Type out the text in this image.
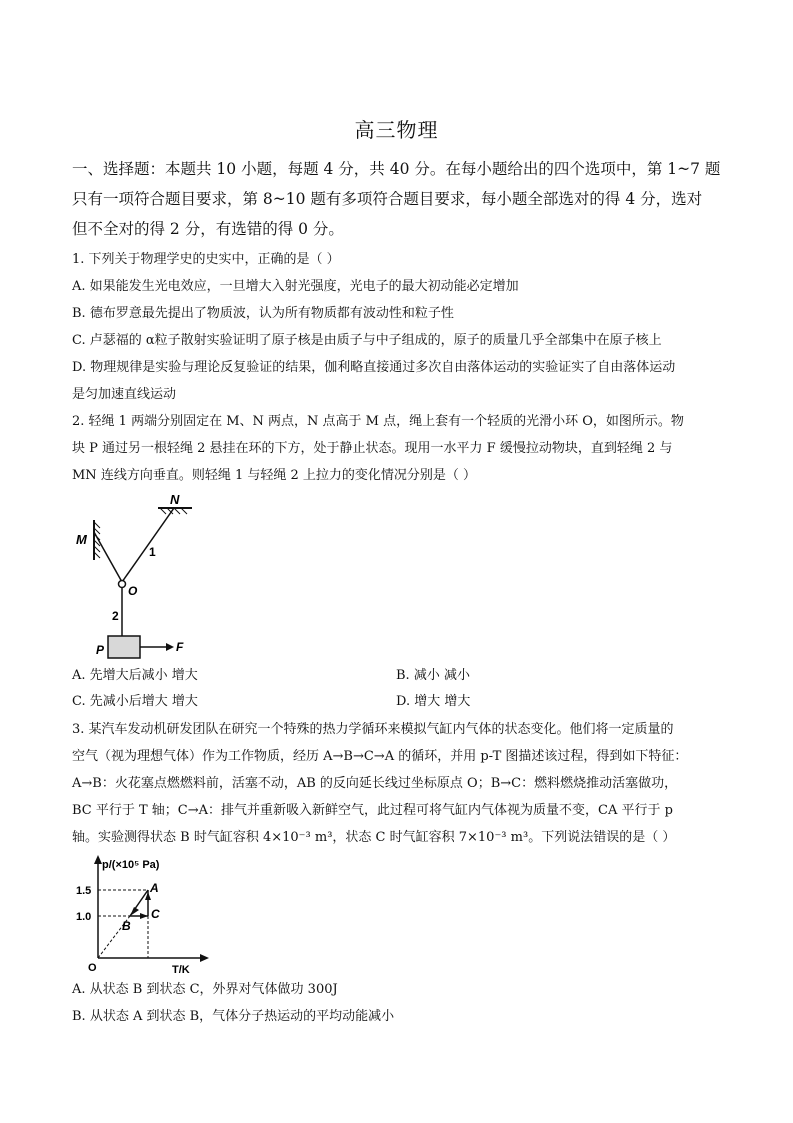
高三物理

一、选择题：本题共 10 小题，每题 4 分，共 40 分。在每小题给出的四个选项中，第 1~7 题

只有一项符合题目要求，第 8~10 题有多项符合题目要求，每小题全部选对的得 4 分，选对

但不全对的得 2 分，有选错的得 0 分。

1. 下列关于物理学史的史实中，正确的是（ ）

A. 如果能发生光电效应，一旦增大入射光强度，光电子的最大初动能必定增加

B. 德布罗意最先提出了物质波，认为所有物质都有波动性和粒子性

C. 卢瑟福的 α粒子散射实验证明了原子核是由质子与中子组成的，原子的质量几乎全部集中在原子核上

D. 物理规律是实验与理论反复验证的结果，伽利略直接通过多次自由落体运动的实验证实了自由落体运动

是匀加速直线运动

2. 轻绳 1 两端分别固定在 M、N 两点，N 点高于 M 点，绳上套有一个轻质的光滑小环 O，如图所示。物

块 P 通过另一根轻绳 2 悬挂在环的下方，处于静止状态。现用一水平力 F 缓慢拉动物块，直到轻绳 2 与

MN 连线方向垂直。则轻绳 1 与轻绳 2 上拉力的变化情况分别是（ ）

M
N
1
O
2
P	F
A. 先增大后减小 增大	B. 减小 减小
C. 先减小后增大 增大	D. 增大 增大

3. 某汽车发动机研发团队在研究一个特殊的热力学循环来模拟气缸内气体的状态变化。他们将一定质量的

空气（视为理想气体）作为工作物质，经历 A→B→C→A 的循环，并用 p-T 图描述该过程，得到如下特征：

A→B：火花塞点燃燃料前，活塞不动，AB 的反向延长线过坐标原点 O；B→C：燃料燃烧推动活塞做功，

BC 平行于 T 轴；C→A：排气并重新吸入新鲜空气，此过程可将气缸内气体视为质量不变，CA 平行于 p

轴。实验测得状态 B 时气缸容积 4×10⁻³ m³，状态 C 时气缸容积 7×10⁻³ m³。下列说法错误的是（ ）

p/(×10⁵ Pa)
T/K
O
1.5
1.0
A
B
C
A. 从状态 B 到状态 C，外界对气体做功 300J
B. 从状态 A 到状态 B，气体分子热运动的平均动能减小
